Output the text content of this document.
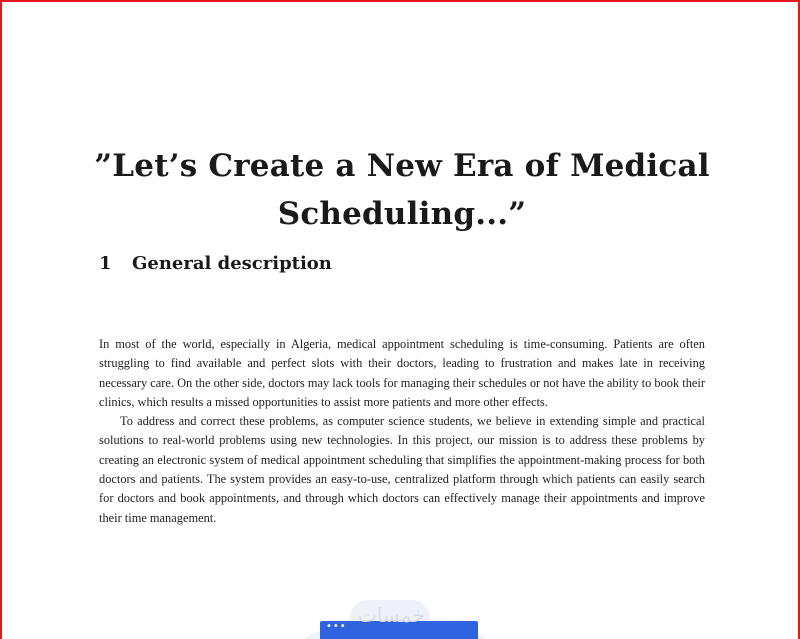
”Let’s Create a New Era of Medical Scheduling...”
1 General description

In most of the world, especially in Algeria, medical appointment scheduling is time-consuming. Patients are often struggling to find available and perfect slots with their doctors, leading to frustration and makes late in receiving necessary care. On the other side, doctors may lack tools for managing their schedules or not have the ability to book their clinics, which results a missed opportunities to assist more patients and more other effects.

To address and correct these problems, as computer science students, we believe in extending simple and practical solutions to real-world problems using new technologies. In this project, our mission is to address these problems by creating an electronic system of medical appointment scheduling that simplifies the appointment-making process for both doctors and patients. The system provides an easy-to-use, centralized platform through which patients can easily search for doctors and book appointments, and through which doctors can effectively manage their appointments and improve their time management.

••• خمسات
